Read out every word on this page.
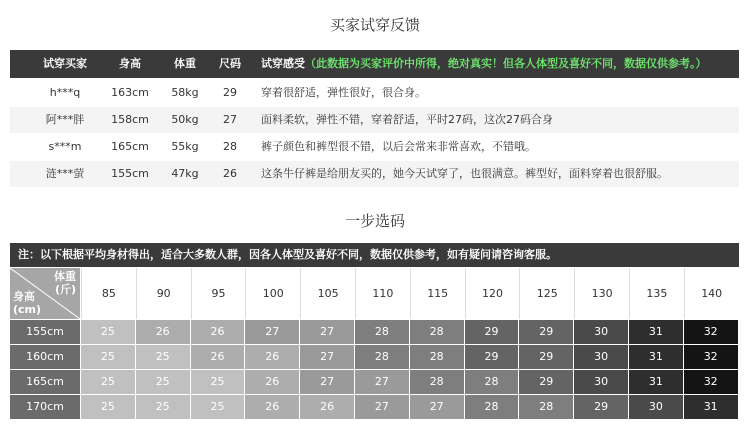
买家试穿反馈
试穿买家	身高	体重	尺码	试穿感受（此数据为买家评价中所得，绝对真实！但各人体型及喜好不同，数据仅供参考。）
h***q	163cm	58kg	29	穿着很舒适，弹性很好，很合身。
阿***胖	158cm	50kg	27	面料柔软，弹性不错，穿着舒适，平时27码，这次27码合身
s***m	165cm	55kg	28	裤子颜色和裤型很不错，以后会常来非常喜欢，不错哦。
涟***萤	155cm	47kg	26	这条牛仔裤是给朋友买的，她今天试穿了，也很满意。裤型好，面料穿着也很舒服。
一步选码
注：以下根据平均身材得出，适合大多数人群，因各人体型及喜好不同，数据仅供参考，如有疑问请咨询客服。
体重
(斤)
身高
(cm)
85	90	95	100	105	110	115	120	125	130	135	140
155cm	25	26	26	27	27	28	28	29	29	30	31	32
160cm	25	25	26	26	27	28	28	29	29	30	31	32
165cm	25	25	25	26	27	27	28	28	29	30	31	32
170cm	25	25	25	26	26	27	27	28	28	29	30	31
